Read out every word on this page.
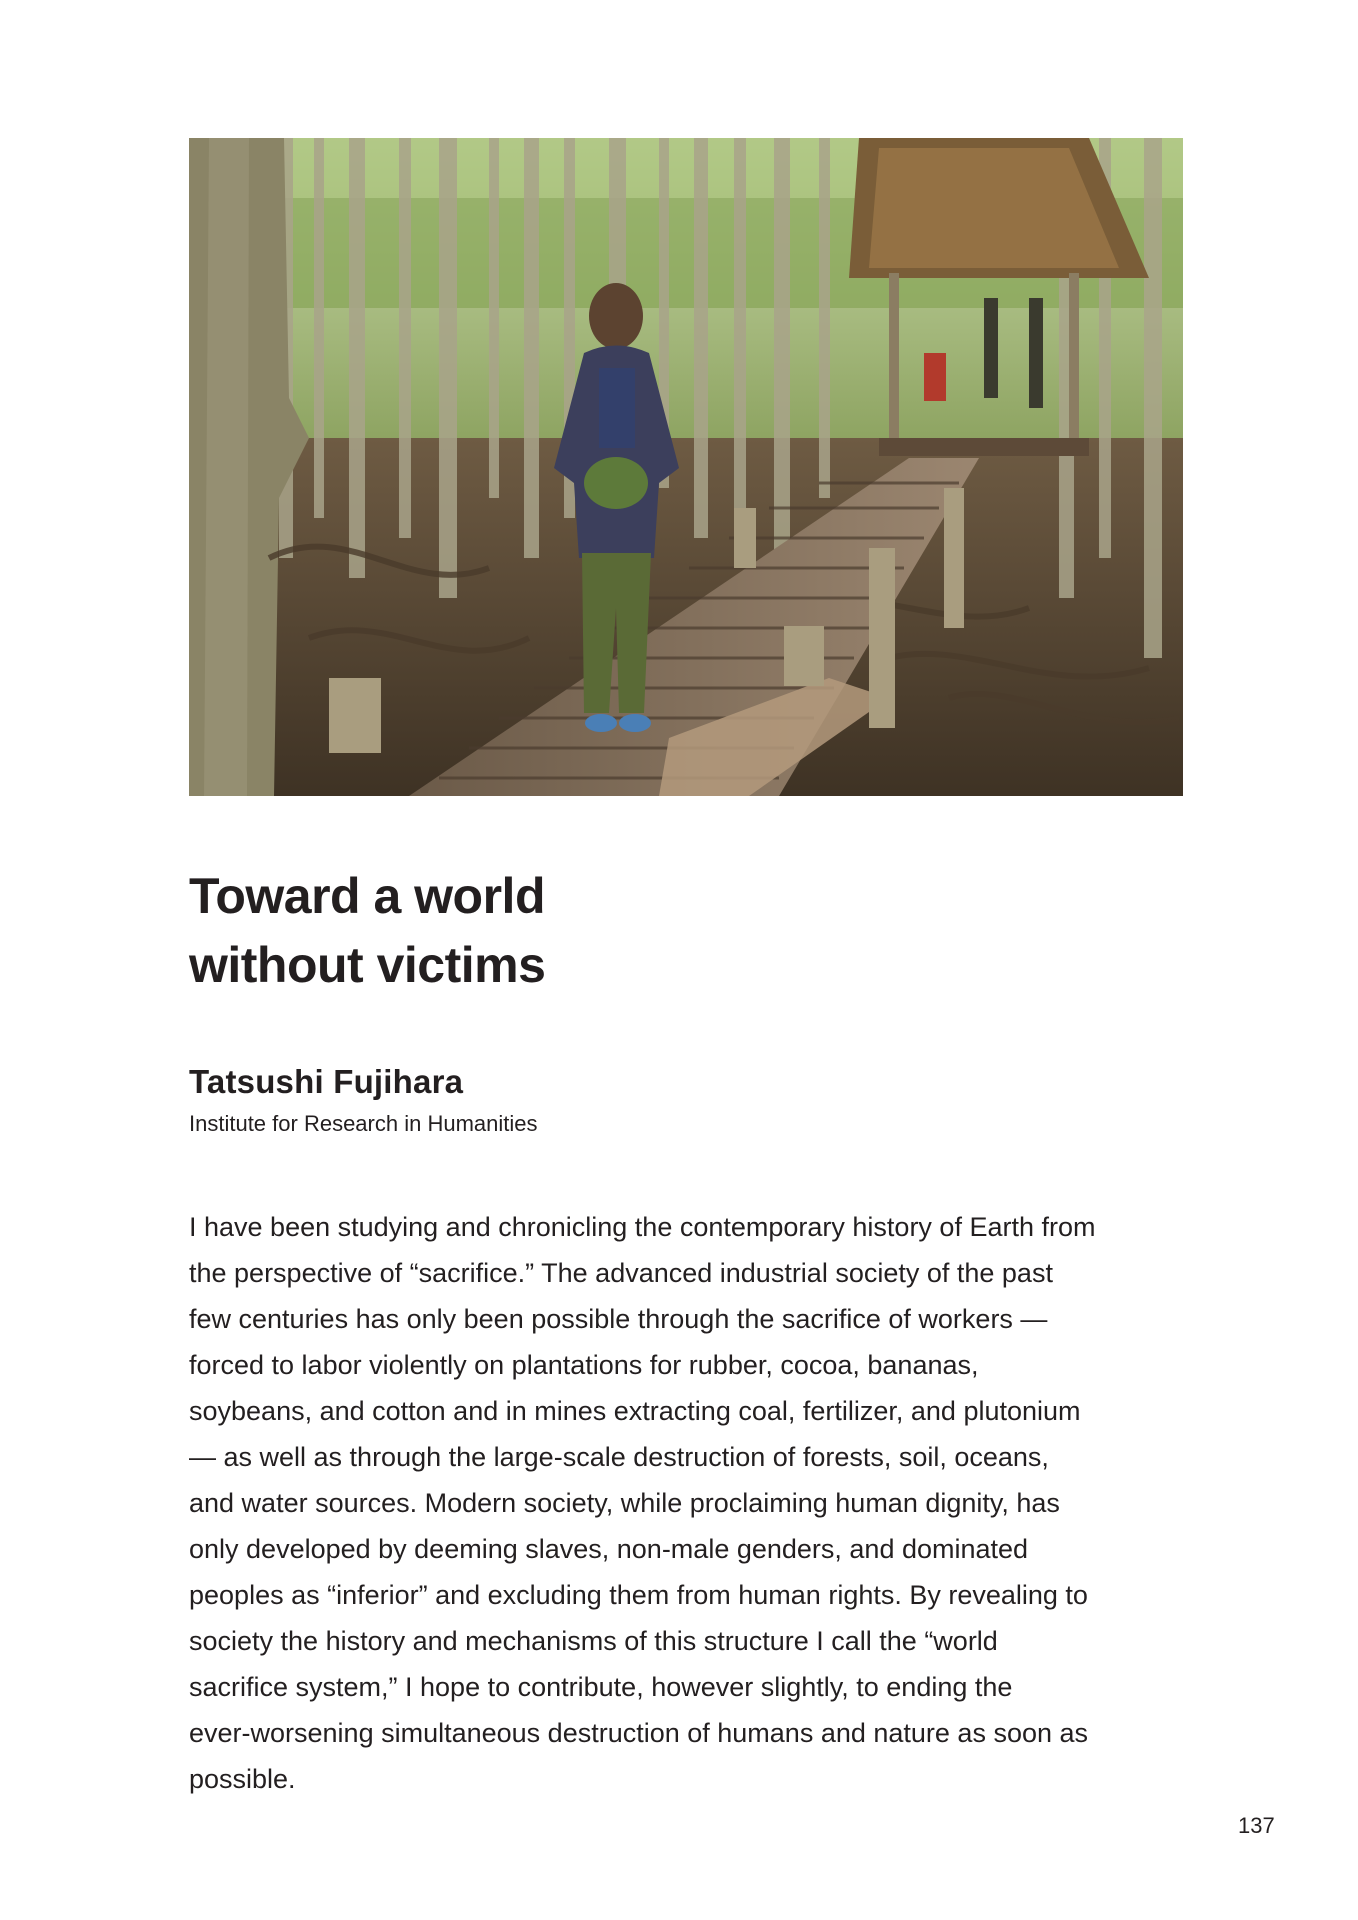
Toward a world
without victims

Tatsushi Fujihara

Institute for Research in Humanities

I have been studying and chronicling the contemporary history of Earth from
the perspective of “sacrifice.” The advanced industrial society of the past
few centuries has only been possible through the sacrifice of workers —
forced to labor violently on plantations for rubber, cocoa, bananas,
soybeans, and cotton and in mines extracting coal, fertilizer, and plutonium
— as well as through the large-scale destruction of forests, soil, oceans,
and water sources. Modern society, while proclaiming human dignity, has
only developed by deeming slaves, non-male genders, and dominated
peoples as “inferior” and excluding them from human rights. By revealing to
society the history and mechanisms of this structure I call the “world
sacrifice system,” I hope to contribute, however slightly, to ending the
ever-worsening simultaneous destruction of humans and nature as soon as
possible.

137
